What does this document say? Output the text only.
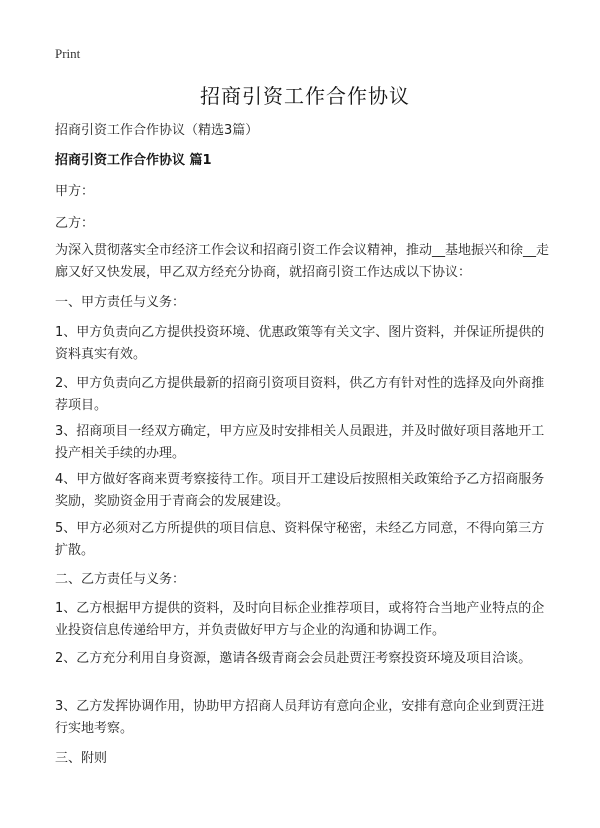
Print
招商引资工作合作协议

招商引资工作合作协议（精选3篇）

招商引资工作合作协议 篇1

甲方：

乙方：

为深入贯彻落实全市经济工作会议和招商引资工作会议精神，推动__基地振兴和徐__走廊又好又快发展，甲乙双方经充分协商，就招商引资工作达成以下协议：

一、甲方责任与义务：

1、甲方负责向乙方提供投资环境、优惠政策等有关文字、图片资料，并保证所提供的资料真实有效。

2、甲方负责向乙方提供最新的招商引资项目资料，供乙方有针对性的选择及向外商推荐项目。

3、招商项目一经双方确定，甲方应及时安排相关人员跟进，并及时做好项目落地开工投产相关手续的办理。

4、甲方做好客商来贾考察接待工作。项目开工建设后按照相关政策给予乙方招商服务奖励，奖励资金用于青商会的发展建设。

5、甲方必须对乙方所提供的项目信息、资料保守秘密，未经乙方同意，不得向第三方扩散。

二、乙方责任与义务：

1、乙方根据甲方提供的资料，及时向目标企业推荐项目，或将符合当地产业特点的企业投资信息传递给甲方，并负责做好甲方与企业的沟通和协调工作。

2、乙方充分利用自身资源，邀请各级青商会会员赴贾汪考察投资环境及项目洽谈。

3、乙方发挥协调作用，协助甲方招商人员拜访有意向企业，安排有意向企业到贾汪进行实地考察。

三、附则
